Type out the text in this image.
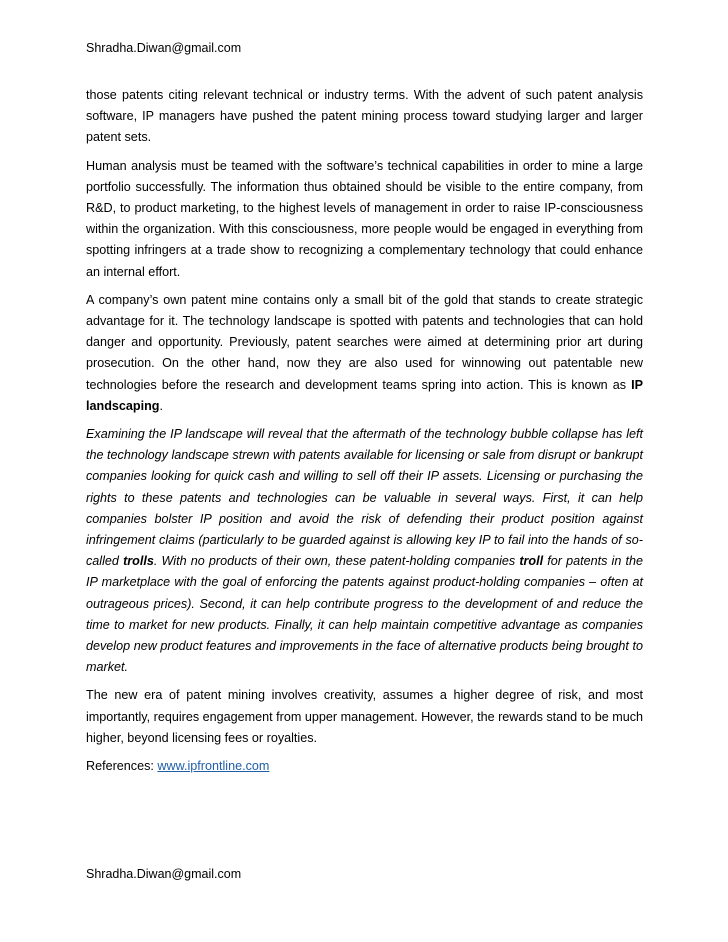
Shradha.Diwan@gmail.com

those patents citing relevant technical or industry terms. With the advent of such patent analysis software, IP managers have pushed the patent mining process toward studying larger and larger patent sets.

Human analysis must be teamed with the software’s technical capabilities in order to mine a large portfolio successfully. The information thus obtained should be visible to the entire company, from R&D, to product marketing, to the highest levels of management in order to raise IP-consciousness within the organization. With this consciousness, more people would be engaged in everything from spotting infringers at a trade show to recognizing a complementary technology that could enhance an internal effort.

A company’s own patent mine contains only a small bit of the gold that stands to create strategic advantage for it. The technology landscape is spotted with patents and technologies that can hold danger and opportunity. Previously, patent searches were aimed at determining prior art during prosecution. On the other hand, now they are also used for winnowing out patentable new technologies before the research and development teams spring into action. This is known as IP landscaping.

Examining the IP landscape will reveal that the aftermath of the technology bubble collapse has left the technology landscape strewn with patents available for licensing or sale from disrupt or bankrupt companies looking for quick cash and willing to sell off their IP assets. Licensing or purchasing the rights to these patents and technologies can be valuable in several ways. First, it can help companies bolster IP position and avoid the risk of defending their product position against infringement claims (particularly to be guarded against is allowing key IP to fail into the hands of so-called trolls. With no products of their own, these patent-holding companies troll for patents in the IP marketplace with the goal of enforcing the patents against product-holding companies – often at outrageous prices). Second, it can help contribute progress to the development of and reduce the time to market for new products. Finally, it can help maintain competitive advantage as companies develop new product features and improvements in the face of alternative products being brought to market.

The new era of patent mining involves creativity, assumes a higher degree of risk, and most importantly, requires engagement from upper management. However, the rewards stand to be much higher, beyond licensing fees or royalties.

References: www.ipfrontline.com

Shradha.Diwan@gmail.com
